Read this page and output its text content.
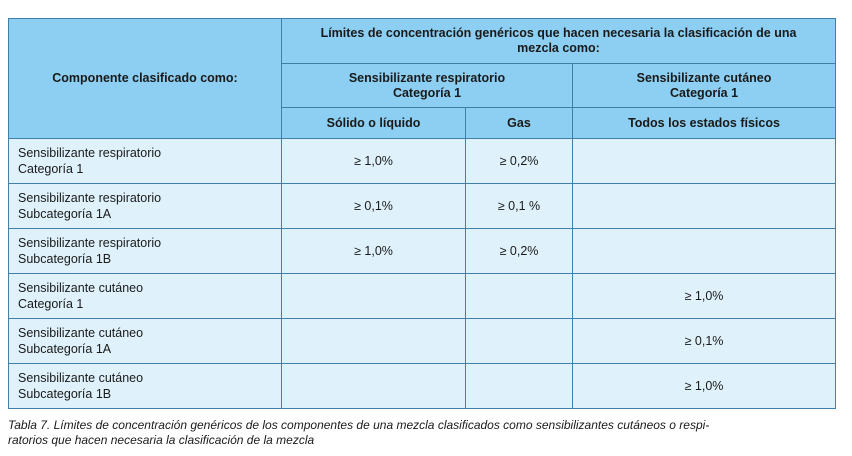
Componente clasificado como:	Límites de concentración genéricos que hacen necesaria la clasificación de una
mezcla como:		

	Sensibilizante respiratorio
Categoría 1		Sensibilizante cutáneo
Categoría 1

	Sólido o líquido	Gas	Todos los estados físicos

Sensibilizante respiratorio
Categoría 1	≥ 1,0%	≥ 0,2%	

Sensibilizante respiratorio
Subcategoría 1A	≥ 0,1%	≥ 0,1 %	

Sensibilizante respiratorio
Subcategoría 1B	≥ 1,0%	≥ 0,2%	

Sensibilizante cutáneo
Categoría 1			≥ 1,0%

Sensibilizante cutáneo
Subcategoría 1A			≥ 0,1%

Sensibilizante cutáneo
Subcategoría 1B			≥ 1,0%
Tabla 7. Límites de concentración genéricos de los componentes de una mezcla clasificados como sensibilizantes cutáneos o respi-
ratorios que hacen necesaria la clasificación de la mezcla
